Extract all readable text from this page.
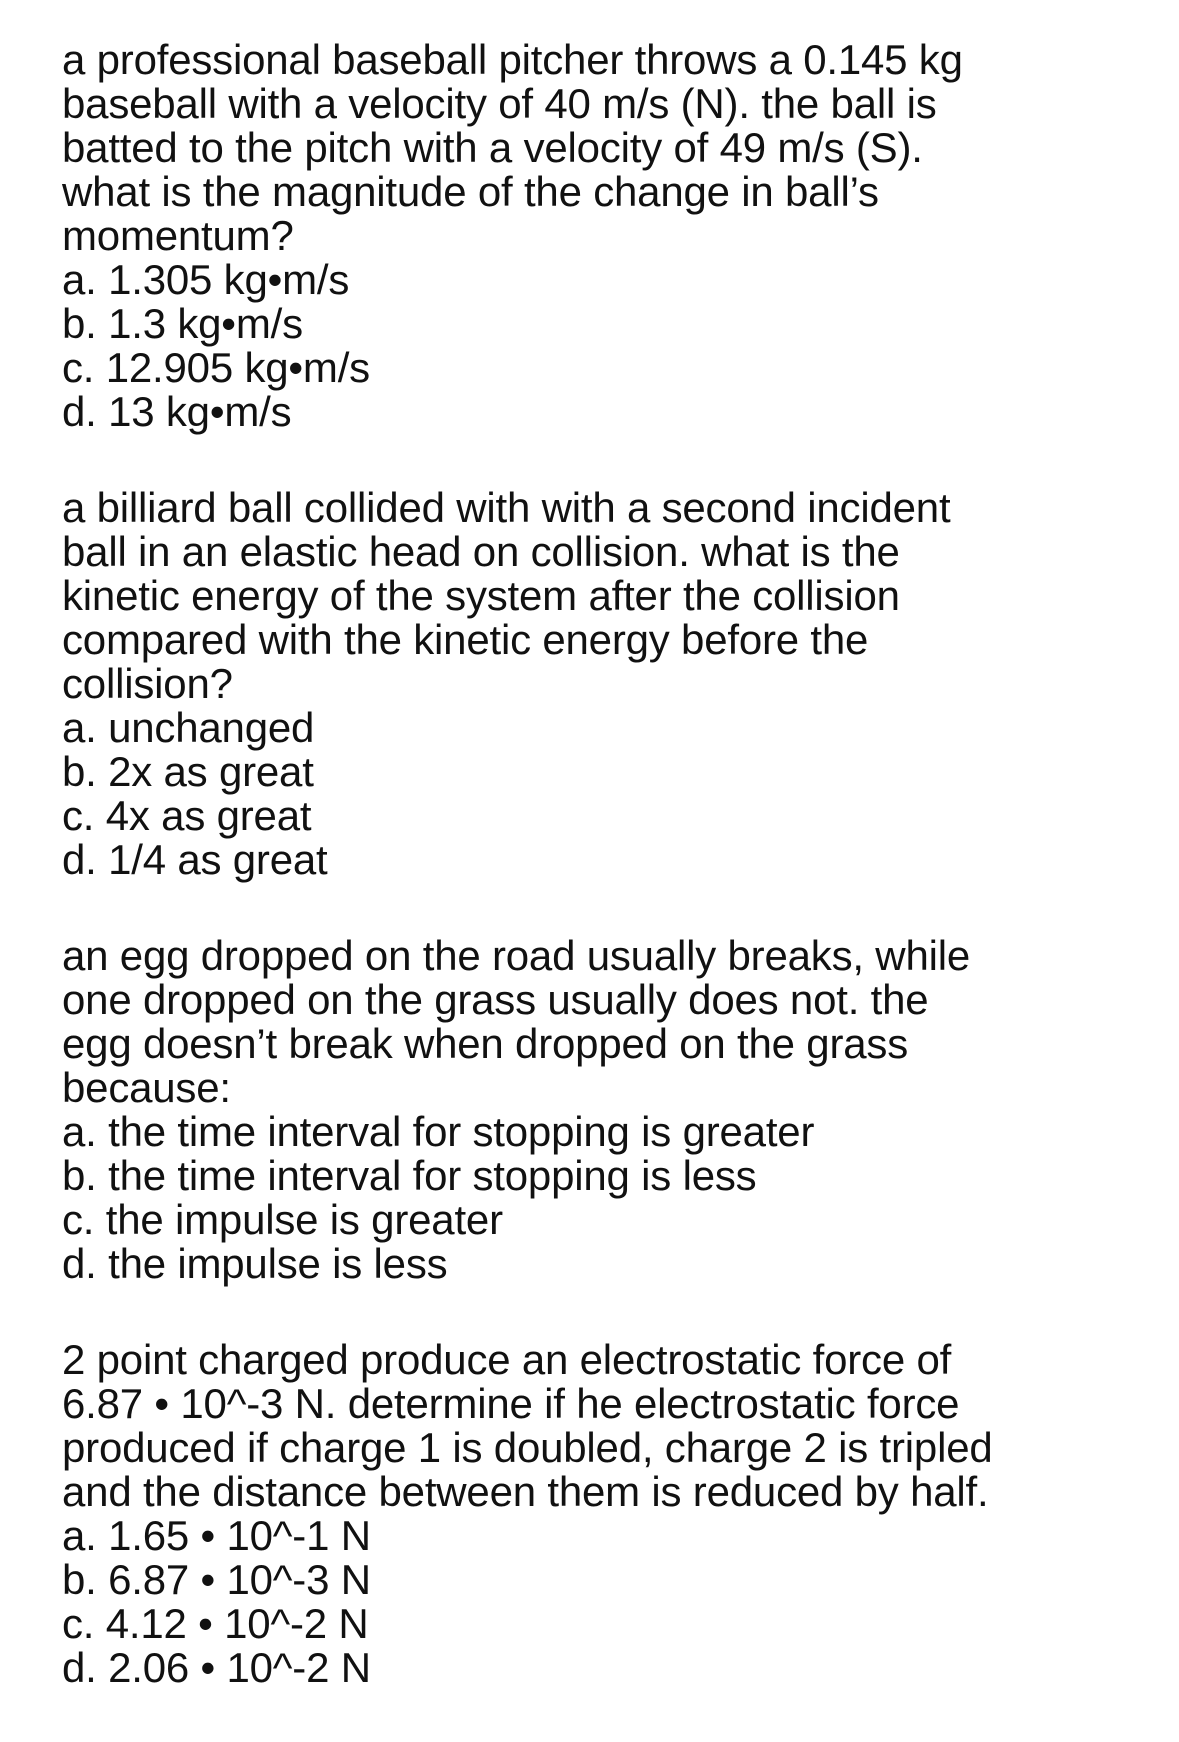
a professional baseball pitcher throws a 0.145 kg
baseball with a velocity of 40 m/s (N). the ball is
batted to the pitch with a velocity of 49 m/s (S).
what is the magnitude of the change in ball’s
momentum?

a. 1.305 kg•m/s
b. 1.3 kg•m/s
c. 12.905 kg•m/s
d. 13 kg•m/s

a billiard ball collided with with a second incident
ball in an elastic head on collision. what is the
kinetic energy of the system after the collision
compared with the kinetic energy before the
collision?

a. unchanged
b. 2x as great
c. 4x as great
d. 1/4 as great

an egg dropped on the road usually breaks, while
one dropped on the grass usually does not. the
egg doesn’t break when dropped on the grass
because:

a. the time interval for stopping is greater
b. the time interval for stopping is less
c. the impulse is greater
d. the impulse is less

2 point charged produce an electrostatic force of
6.87 • 10^-3 N. determine if he electrostatic force
produced if charge 1 is doubled, charge 2 is tripled
and the distance between them is reduced by half.

a. 1.65 • 10^-1 N
b. 6.87 • 10^-3 N
c. 4.12 • 10^-2 N
d. 2.06 • 10^-2 N
